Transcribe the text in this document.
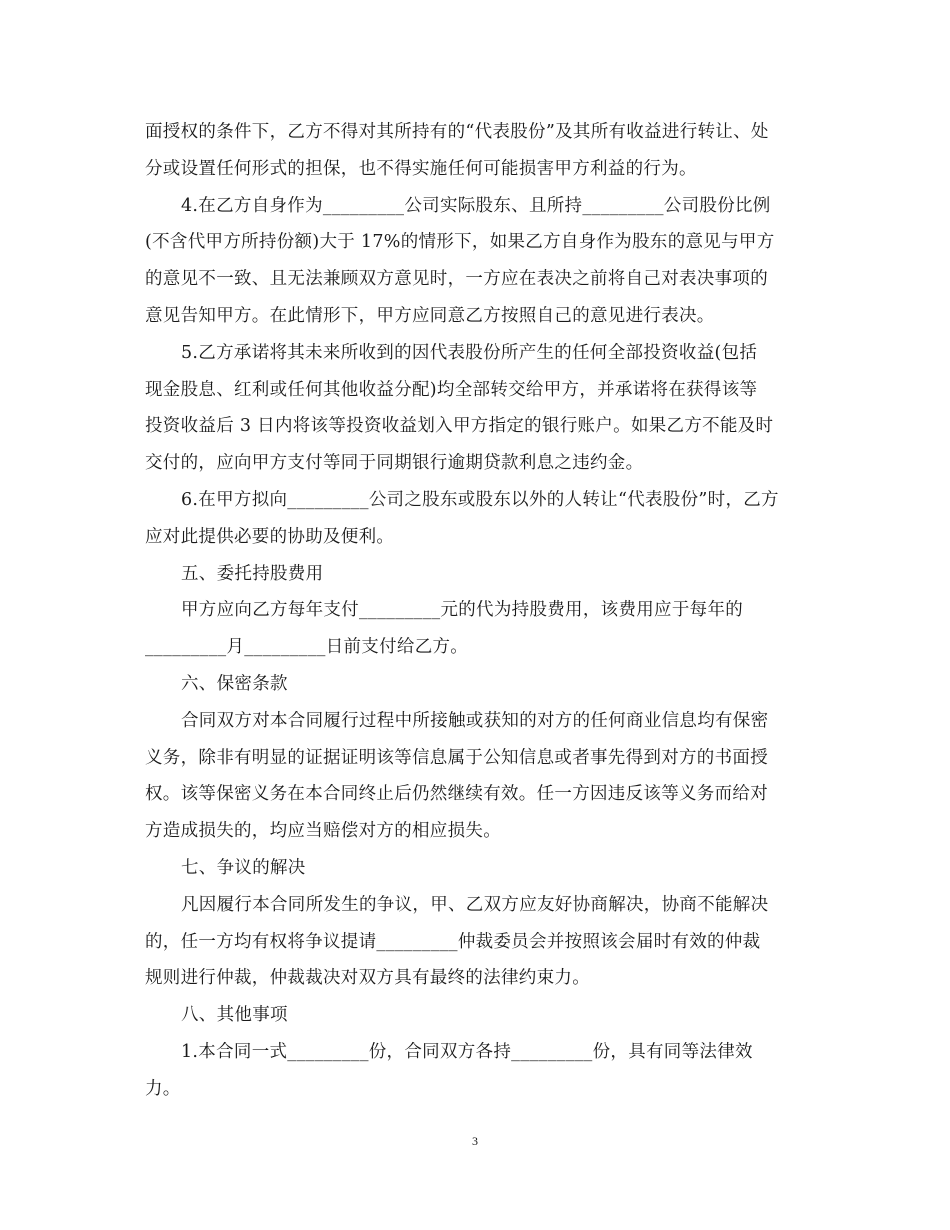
面授权的条件下，乙方不得对其所持有的“代表股份”及其所有收益进行转让、处
分或设置任何形式的担保，也不得实施任何可能损害甲方利益的行为。
4.在乙方自身作为_________公司实际股东、且所持_________公司股份比例
(不含代甲方所持份额)大于 17%的情形下，如果乙方自身作为股东的意见与甲方
的意见不一致、且无法兼顾双方意见时，一方应在表决之前将自己对表决事项的
意见告知甲方。在此情形下，甲方应同意乙方按照自己的意见进行表决。
5.乙方承诺将其未来所收到的因代表股份所产生的任何全部投资收益(包括
现金股息、红利或任何其他收益分配)均全部转交给甲方，并承诺将在获得该等
投资收益后 3 日内将该等投资收益划入甲方指定的银行账户。如果乙方不能及时
交付的，应向甲方支付等同于同期银行逾期贷款利息之违约金。
6.在甲方拟向_________公司之股东或股东以外的人转让“代表股份”时，乙方
应对此提供必要的协助及便利。
五、委托持股费用
甲方应向乙方每年支付_________元的代为持股费用，该费用应于每年的
_________月_________日前支付给乙方。
六、保密条款
合同双方对本合同履行过程中所接触或获知的对方的任何商业信息均有保密
义务，除非有明显的证据证明该等信息属于公知信息或者事先得到对方的书面授
权。该等保密义务在本合同终止后仍然继续有效。任一方因违反该等义务而给对
方造成损失的，均应当赔偿对方的相应损失。
七、争议的解决
凡因履行本合同所发生的争议，甲、乙双方应友好协商解决，协商不能解决
的，任一方均有权将争议提请_________仲裁委员会并按照该会届时有效的仲裁
规则进行仲裁，仲裁裁决对双方具有最终的法律约束力。
八、其他事项
1.本合同一式_________份，合同双方各持_________份，具有同等法律效
力。
3
